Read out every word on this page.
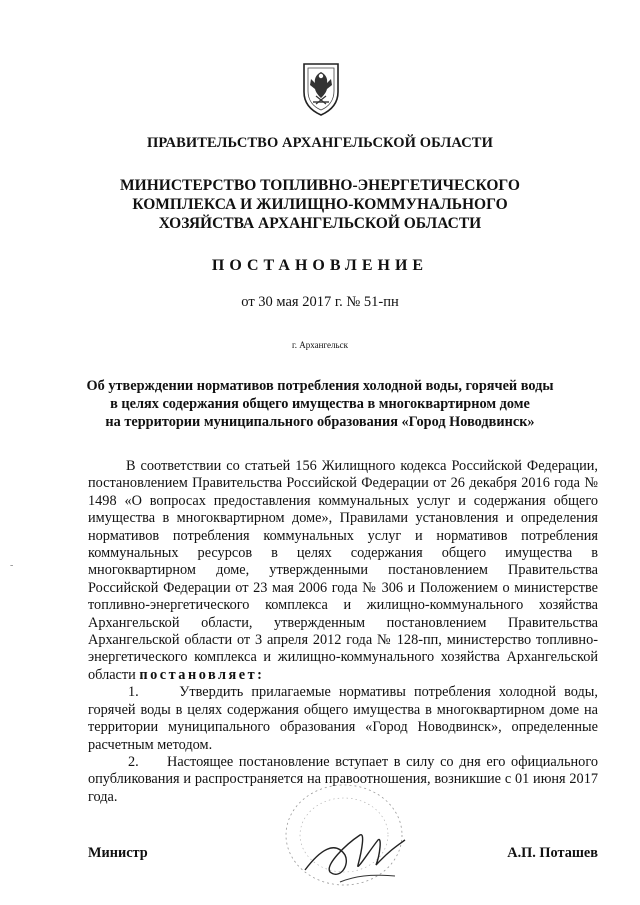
ПРАВИТЕЛЬСТВО АРХАНГЕЛЬСКОЙ ОБЛАСТИ
МИНИСТЕРСТВО ТОПЛИВНО-ЭНЕРГЕТИЧЕСКОГО
КОМПЛЕКСА И ЖИЛИЩНО-КОММУНАЛЬНОГО
ХОЗЯЙСТВА АРХАНГЕЛЬСКОЙ ОБЛАСТИ
ПОСТАНОВЛЕНИЕ
от 30 мая 2017 г. № 51-пн
г. Архангельск
Об утверждении нормативов потребления холодной воды, горячей воды
в целях содержания общего имущества в многоквартирном доме
на территории муниципального образования «Город Новодвинск»

В соответствии со статьей 156 Жилищного кодекса Российской Федерации, постановлением Правительства Российской Федерации от 26 декабря 2016 года № 1498 «О вопросах предоставления коммунальных услуг и содержания общего имущества в многоквартирном доме», Правилами установления и определения нормативов потребления коммунальных услуг и нормативов потребления коммунальных ресурсов в целях содержания общего имущества в многоквартирном доме, утвержденными постановлением Правительства Российской Федерации от 23 мая 2006 года № 306 и Положением о министерстве топливно-энергетического комплекса и жилищно-коммунального хозяйства Архангельской области, утвержденным постановлением Правительства Архангельской области от 3 апреля 2012 года № 128-пп, министерство топливно-энергетического комплекса и жилищно-коммунального хозяйства Архангельской области постановляет:

1.	Утвердить прилагаемые нормативы потребления холодной воды, горячей воды в целях содержания общего имущества в многоквартирном доме на территории муниципального образования «Город Новодвинск», определенные расчетным методом.

2. Настоящее постановление вступает в силу со дня его официального опубликования и распространяется на правоотношения, возникшие с 01 июня 2017 года.

Министр	А.П. Поташев
-
